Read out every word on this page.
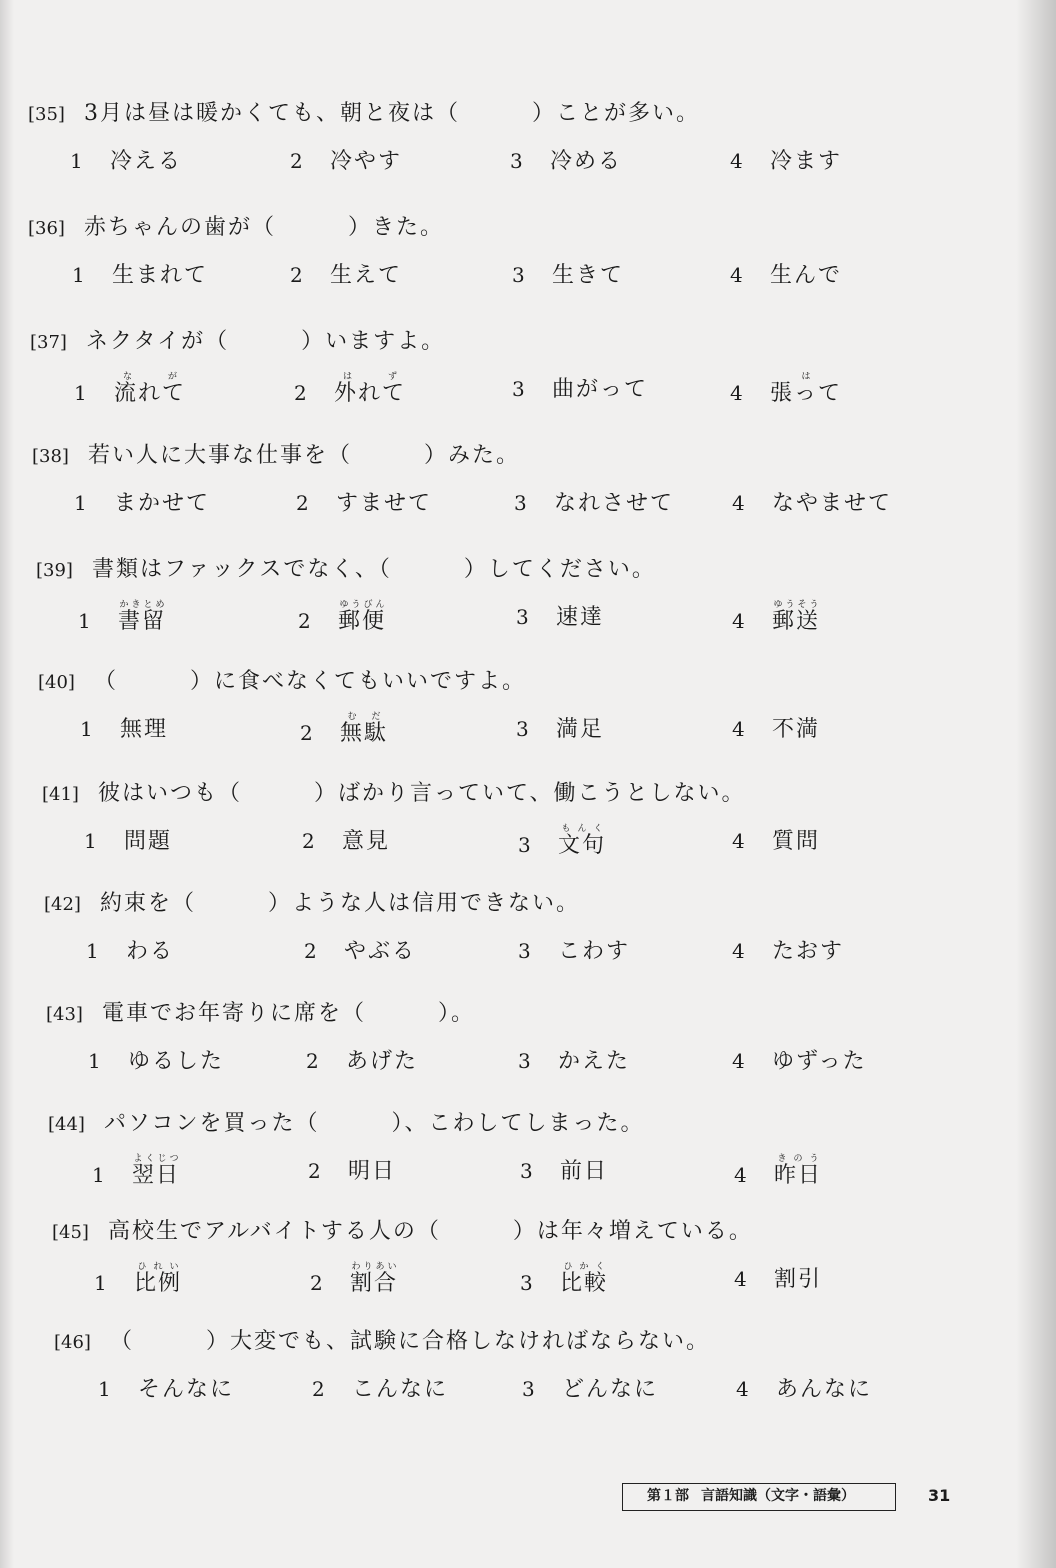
[35] 3月は昼は暖かくても、朝と夜は（　　　）ことが多い。
1 冷える	2 冷やす	3 冷める	4 冷ます
[36] 赤ちゃんの歯が（　　　）きた。
1 生まれて	2 生えて	3 生きて	4 生んで
[37] ネクタイが（　　　）いますよ。
1 流れてなが
2 外れてはず	3 曲がって	4 張っては
[38] 若い人に大事な仕事を（　　　）みた。
1 まかせて	2 すませて	3 なれさせて	4 なやませて
[39] 書類はファックスでなく、（　　　）してください。
1 書留かきとめ
2 郵便ゆうびん	3 速達	4 郵送ゆうそう
[40] （　　　）に食べなくてもいいですよ。
1 無理	2 無駄むだ	3 満足	4 不満
[41] 彼はいつも（　　　）ばかり言っていて、働こうとしない。
1 問題	2 意見	3 文句もんく	4 質問
[42] 約束を（　　　）ような人は信用できない。
1 わる	2 やぶる	3 こわす	4 たおす
[43] 電車でお年寄りに席を（　　　）。
1 ゆるした	2 あげた	3 かえた	4 ゆずった
[44] パソコンを買った（　　　）、こわしてしまった。
1 翌日よくじつ	2 明日	3 前日	4 昨日きのう
[45] 高校生でアルバイトする人の（　　　）は年々増えている。
1 比例ひれい
2 割合わりあい
3 比較ひかく	4 割引
[46] （　　　）大変でも、試験に合格しなければならない。
1 そんなに	2 こんなに	3 どんなに	4 あんなに
第１部 言語知識（文字・語彙）	31
